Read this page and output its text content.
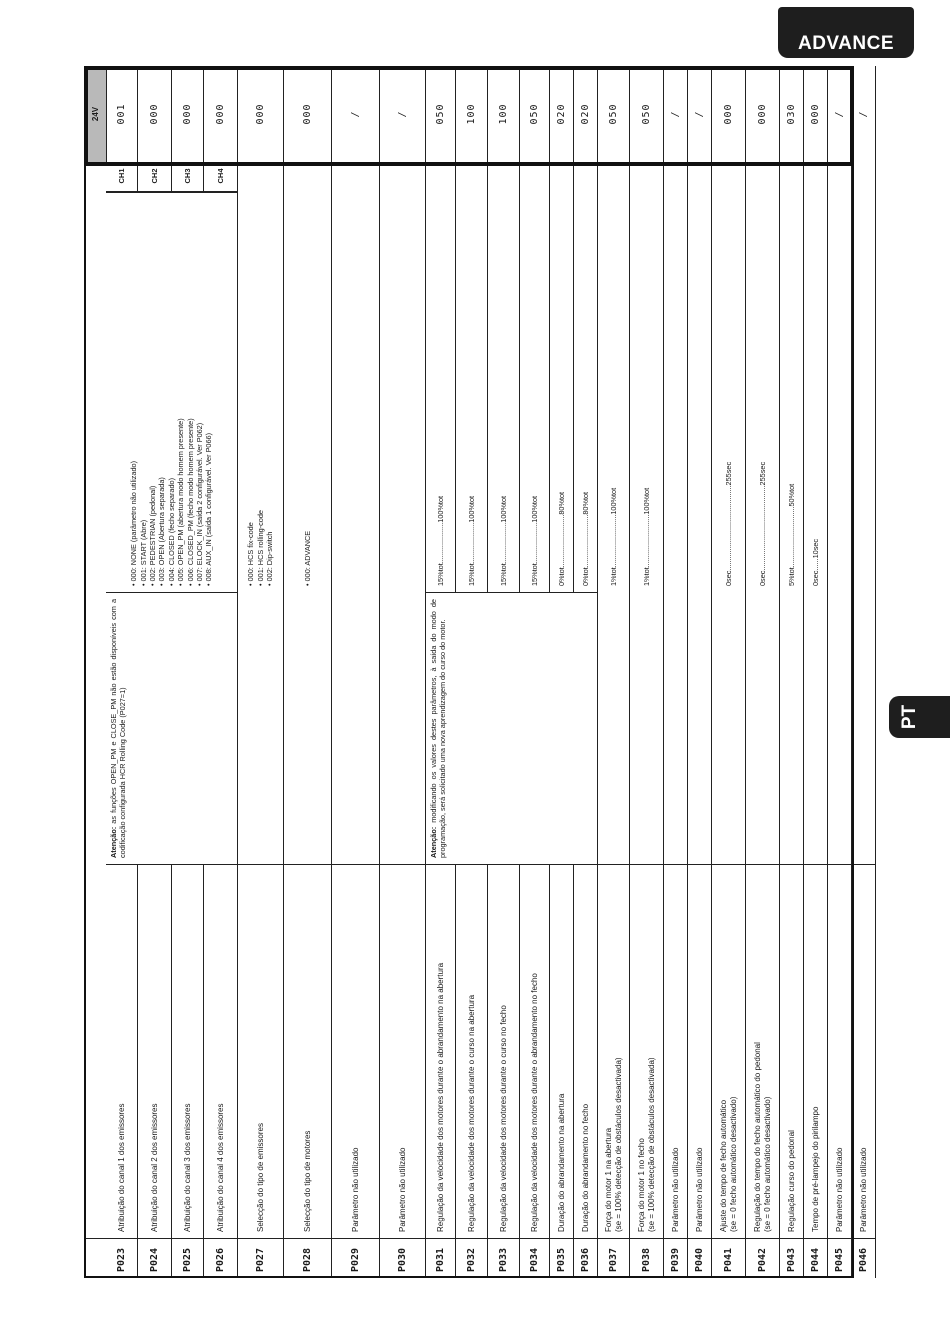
ADVANCE
PT
P023
Atribuição do canal 1 dos emissores
CH1
001
P024
Atribuição do canal 2 dos emissores
CH2
000
P025
Atribuição do canal 3 dos emissores
CH3
000
P026
Atribuição do canal 4 dos emissores
CH4
000
P027
Selecção do tipo de emissores
• 000: HCS fix-code • 001: HCS rolling-code • 002: Dip-switch
000
P028
Selecção do tipo de motores
• 000: ADVANCE
000
P029
Parâmetro não utilizado
/
P030
Parâmetro não utilizado
/
P031
Regulação da velocidade dos motores durante o abrandamento na abertura
15%tot....................100%tot
050
P032
Regulação da velocidade dos motores durante o curso na abertura
15%tot....................100%tot
100
P033
Regulação da velocidade dos motores durante o curso no fecho
15%tot....................100%tot
100
P034
Regulação da velocidade dos motores durante o abrandamento no fecho
15%tot....................100%tot
050
P035
Duração do abrandamento na abertura
0%tot..........................80%tot
020
P036
Duração do abrandamento no fecho
0%tot..........................80%tot
020
P037
Força do motor 1 na abertura (se = 100% detecção de obstáculos desactivada)
1%tot..........................100%tot
050
P038
Força do motor 1 no fecho (se = 100% detecção de obstáculos desactivada)
1%tot..........................100%tot
050
P039
Parâmetro não utilizado
/
P040
Parâmetro não utilizado
/
P041
Ajuste do tempo de fecho automático (se = 0 fecho automático desactivado)
0sec..........................................255sec
000
P042
Regulação do tempo do fecho automático do pedonal (se = 0 fecho automático desactivado)
0sec..........................................255sec
000
P043
Regulação curso do pedonal
5%tot..............................50%tot
030
P044
Tempo de pré-lampejo do pirilampo
0sec......10sec
000
P045
Parâmetro não utilizado
/
P046
Parâmetro não utilizado
/
• 000: NONE (parâmetro não utilizado) • 001: START (Abre) • 002: PEDESTRIAN (pedonal) • 003: OPEN (Abertura separada) • 004: CLOSED (fecho separado) • 005: OPEN_PM (abertura modo homem presente) • 006: CLOSED_PM (fecho modo homem presente) • 007: ELOCK_IN (saída 2 configurável. Ver P062) • 008: AUX_IN (saída 1 configurável. Ver P066)
Atenção: as funções OPEN_PM e CLOSE_PM não estão disponíveis com a codificação configurada HCR Rolling Code (P027=1)	Atenção: modificando os valores destes parâmetros, à saída do modo de programação, será solicitado uma nova aprendizagem do curso do motor.
24V
